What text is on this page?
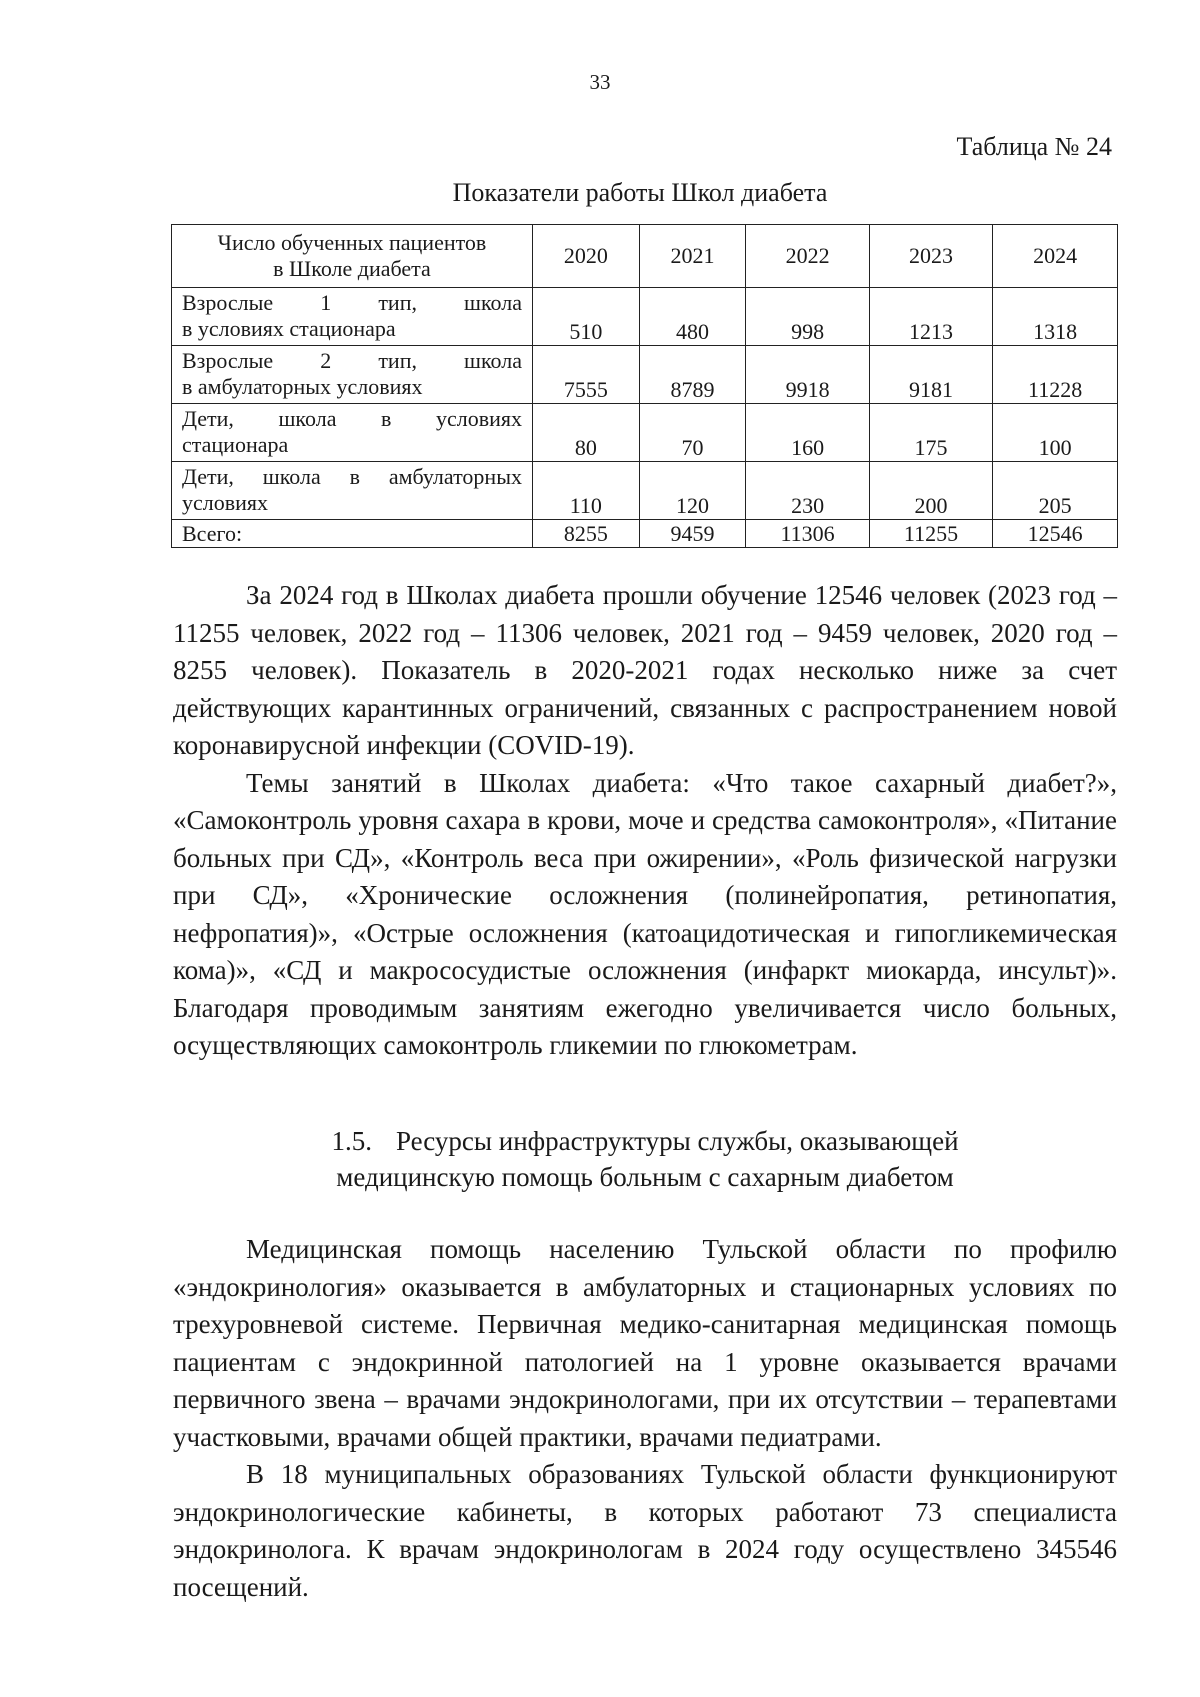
33
Таблица № 24
Показатели работы Школ диабета
Число обученных пациентов
в Школе диабета	2020	2021	2022	2023	2024

Взрослые 1 тип, школа
в условиях стационара	510	480	998	1213	1318

Взрослые 2 тип, школа
в амбулаторных условиях	7555	8789	9918	9181	11228

Дети, школа в условиях
стационара	80	70	160	175	100

Дети, школа в амбулаторных
условиях	110	120	230	200	205
Всего:	8255	9459	11306	11255	12546

За 2024 год в Школах диабета прошли обучение 12546 человек (2023 год – 11255 человек, 2022 год – 11306 человек, 2021 год – 9459 человек, 2020 год – 8255 человек). Показатель в 2020-2021 годах несколько ниже за счет действующих карантинных ограничений, связанных с распространением новой коронавирусной инфекции (COVID-19).

Темы занятий в Школах диабета: «Что такое сахарный диабет?», «Самоконтроль уровня сахара в крови, моче и средства самоконтроля», «Питание больных при СД», «Контроль веса при ожирении», «Роль физической нагрузки при СД», «Хронические осложнения (полинейропатия, ретинопатия, нефропатия)», «Острые осложнения (катоацидотическая и гипогликемическая кома)», «СД и макрососудистые осложнения (инфаркт миокарда, инсульт)». Благодаря проводимым занятиям ежегодно увеличивается число больных, осуществляющих самоконтроль гликемии по глюкометрам.

1.5. Ресурсы инфраструктуры службы, оказывающей
медицинскую помощь больным с сахарным диабетом

Медицинская помощь населению Тульской области по профилю «эндокринология» оказывается в амбулаторных и стационарных условиях по трехуровневой системе. Первичная медико-санитарная медицинская помощь пациентам с эндокринной патологией на 1 уровне оказывается врачами первичного звена – врачами эндокринологами, при их отсутствии – терапевтами участковыми, врачами общей практики, врачами педиатрами.

В 18 муниципальных образованиях Тульской области функционируют эндокринологические кабинеты, в которых работают 73 специалиста эндокринолога. К врачам эндокринологам в 2024 году осуществлено 345546 посещений.
